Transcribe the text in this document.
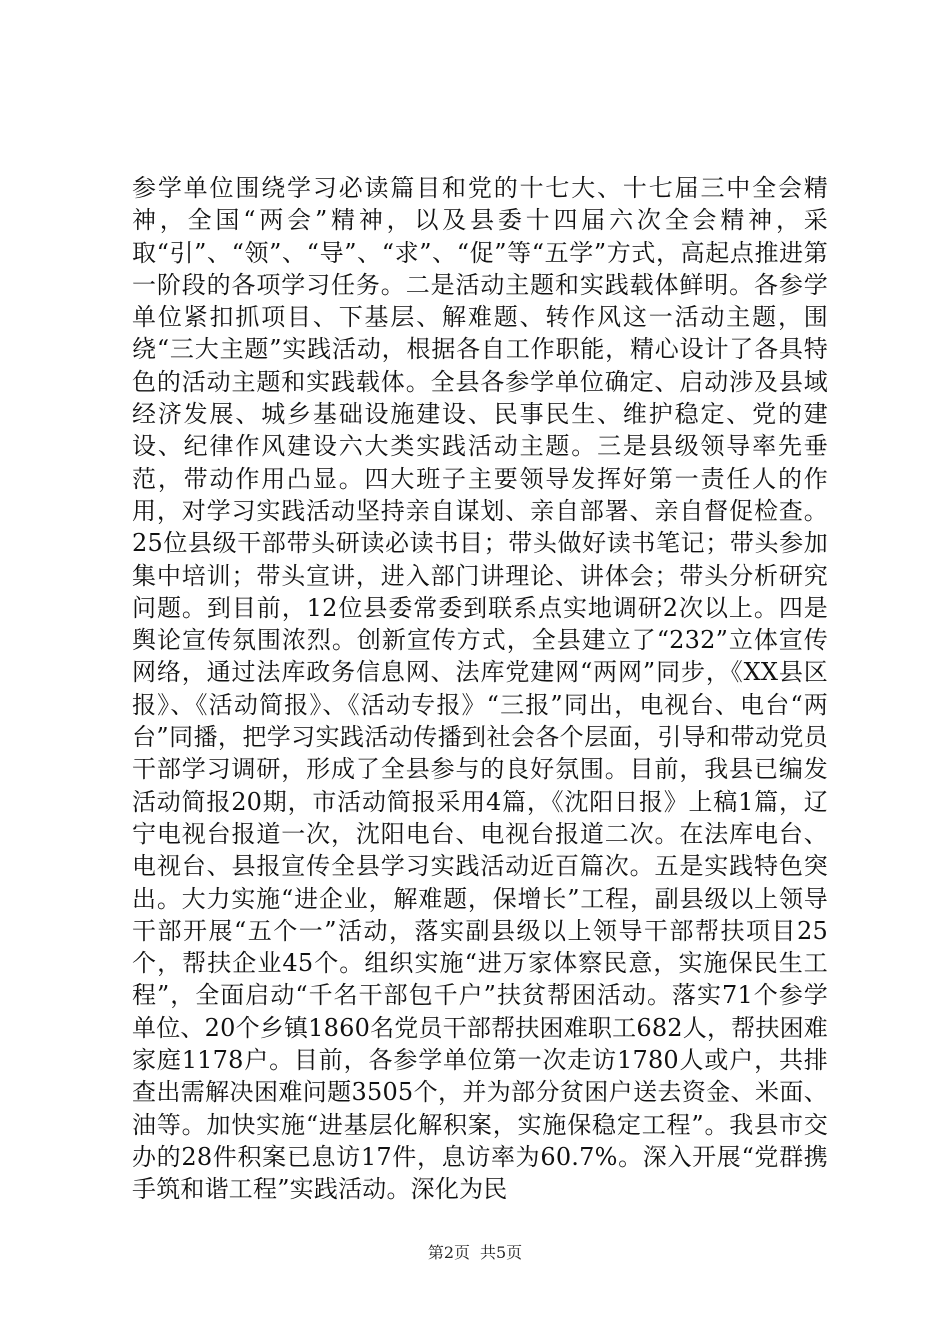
参学单位围绕学习必读篇目和党的十七大、十七届三中全会精神，全国“两会”精神，以及县委十四届六次全会精神，采取“引”、“领”、“导”、“求”、“促”等“五学”方式，高起点推进第一阶段的各项学习任务。二是活动主题和实践载体鲜明。各参学单位紧扣抓项目、下基层、解难题、转作风这一活动主题，围绕“三大主题”实践活动，根据各自工作职能，精心设计了各具特色的活动主题和实践载体。全县各参学单位确定、启动涉及县域经济发展、城乡基础设施建设、民事民生、维护稳定、党的建设、纪律作风建设六大类实践活动主题。三是县级领导率先垂范，带动作用凸显。四大班子主要领导发挥好第一责任人的作用，对学习实践活动坚持亲自谋划、亲自部署、亲自督促检查。25位县级干部带头研读必读书目；带头做好读书笔记；带头参加集中培训；带头宣讲，进入部门讲理论、讲体会；带头分析研究问题。到目前，12位县委常委到联系点实地调研2次以上。四是舆论宣传氛围浓烈。创新宣传方式，全县建立了“232”立体宣传网络，通过法库政务信息网、法库党建网“两网”同步，《XX县区报》、《活动简报》、《活动专报》“三报”同出，电视台、电台“两台”同播，把学习实践活动传播到社会各个层面，引导和带动党员干部学习调研，形成了全县参与的良好氛围。目前，我县已编发活动简报20期，市活动简报采用4篇，《沈阳日报》上稿1篇，辽宁电视台报道一次，沈阳电台、电视台报道二次。在法库电台、电视台、县报宣传全县学习实践活动近百篇次。五是实践特色突出。大力实施“进企业，解难题，保增长”工程，副县级以上领导干部开展“五个一”活动，落实副县级以上领导干部帮扶项目25个，帮扶企业45个。组织实施“进万家体察民意，实施保民生工程”，全面启动“千名干部包千户”扶贫帮困活动。落实71个参学单位、20个乡镇1860名党员干部帮扶困难职工682人，帮扶困难家庭1178户。目前，各参学单位第一次走访1780人或户，共排查出需解决困难问题3505个，并为部分贫困户送去资金、米面、油等。加快实施“进基层化解积案，实施保稳定工程”。我县市交办的28件积案已息访17件，息访率为60.7%。深入开展“党群携手筑和谐工程”实践活动。深化为民

第2页 共5页
